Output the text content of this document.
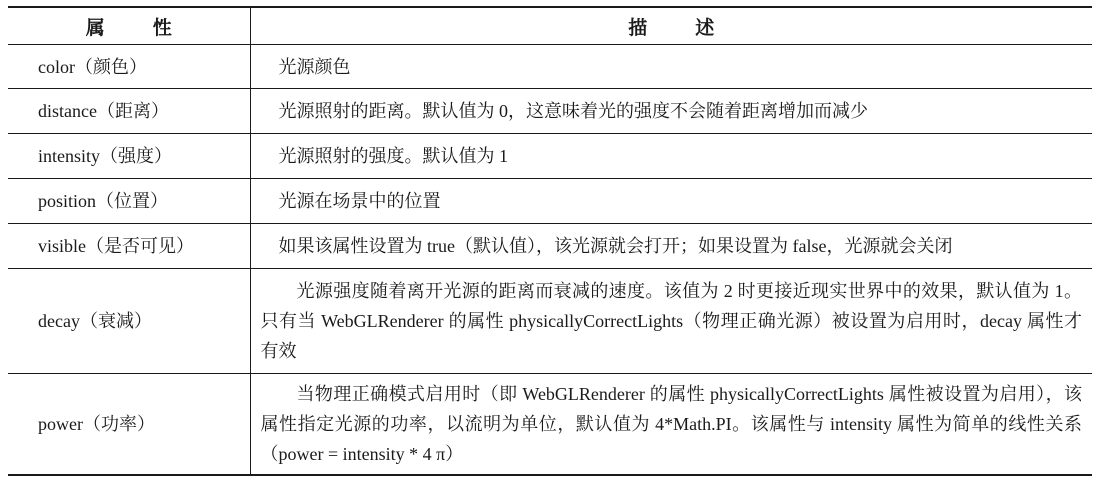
属 性	描 述
color（颜色）	光源颜色
distance（距离）	光源照射的距离。默认值为 0，这意味着光的强度不会随着距离增加而减少
intensity（强度）	光源照射的强度。默认值为 1
position（位置）	光源在场景中的位置
visible（是否可见）	如果该属性设置为 true（默认值），该光源就会打开；如果设置为 false，光源就会关闭
decay（衰减）	光源强度随着离开光源的距离而衰减的速度。该值为 2 时更接近现实世界中的效果，默认值为 1。只有当 WebGLRenderer 的属性 physicallyCorrectLights（物理正确光源）被设置为启用时，decay 属性才有效
power（功率）	当物理正确模式启用时（即 WebGLRenderer 的属性 physicallyCorrectLights 属性被设置为启用），该属性指定光源的功率，以流明为单位，默认值为 4*Math.PI。该属性与 intensity 属性为简单的线性关系（power = intensity * 4 π）
